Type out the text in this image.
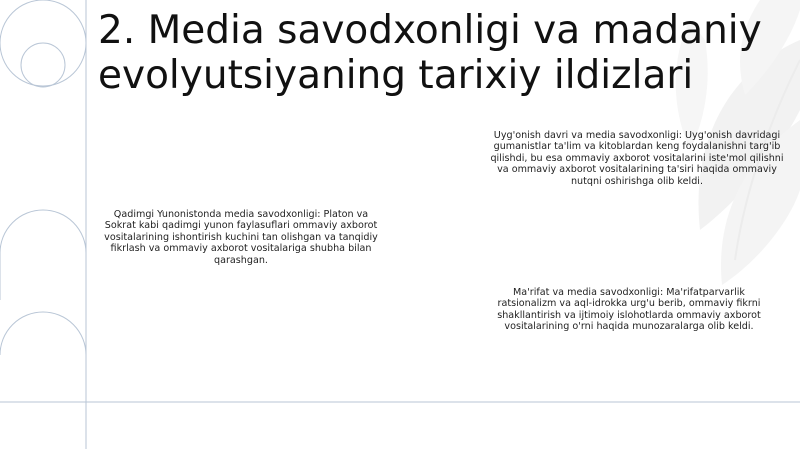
2. Media savodxonligi va madaniy evolyutsiyaning tarixiy ildizlari

Uyg'onish davri va media savodxonligi: Uyg'onish davridagi gumanistlar ta'lim va kitoblardan keng foydalanishni targ'ib qilishdi, bu esa ommaviy axborot vositalarini iste'mol qilishni va ommaviy axborot vositalarining ta'siri haqida ommaviy nutqni oshirishga olib keldi.

Qadimgi Yunonistonda media savodxonligi: Platon va Sokrat kabi qadimgi yunon faylasuflari ommaviy axborot vositalarining ishontirish kuchini tan olishgan va tanqidiy fikrlash va ommaviy axborot vositalariga shubha bilan qarashgan.

Ma'rifat va media savodxonligi: Ma'rifatparvarlik ratsionalizm va aql-idrokka urg'u berib, ommaviy fikrni shakllantirish va ijtimoiy islohotlarda ommaviy axborot vositalarining o'rni haqida munozaralarga olib keldi.
